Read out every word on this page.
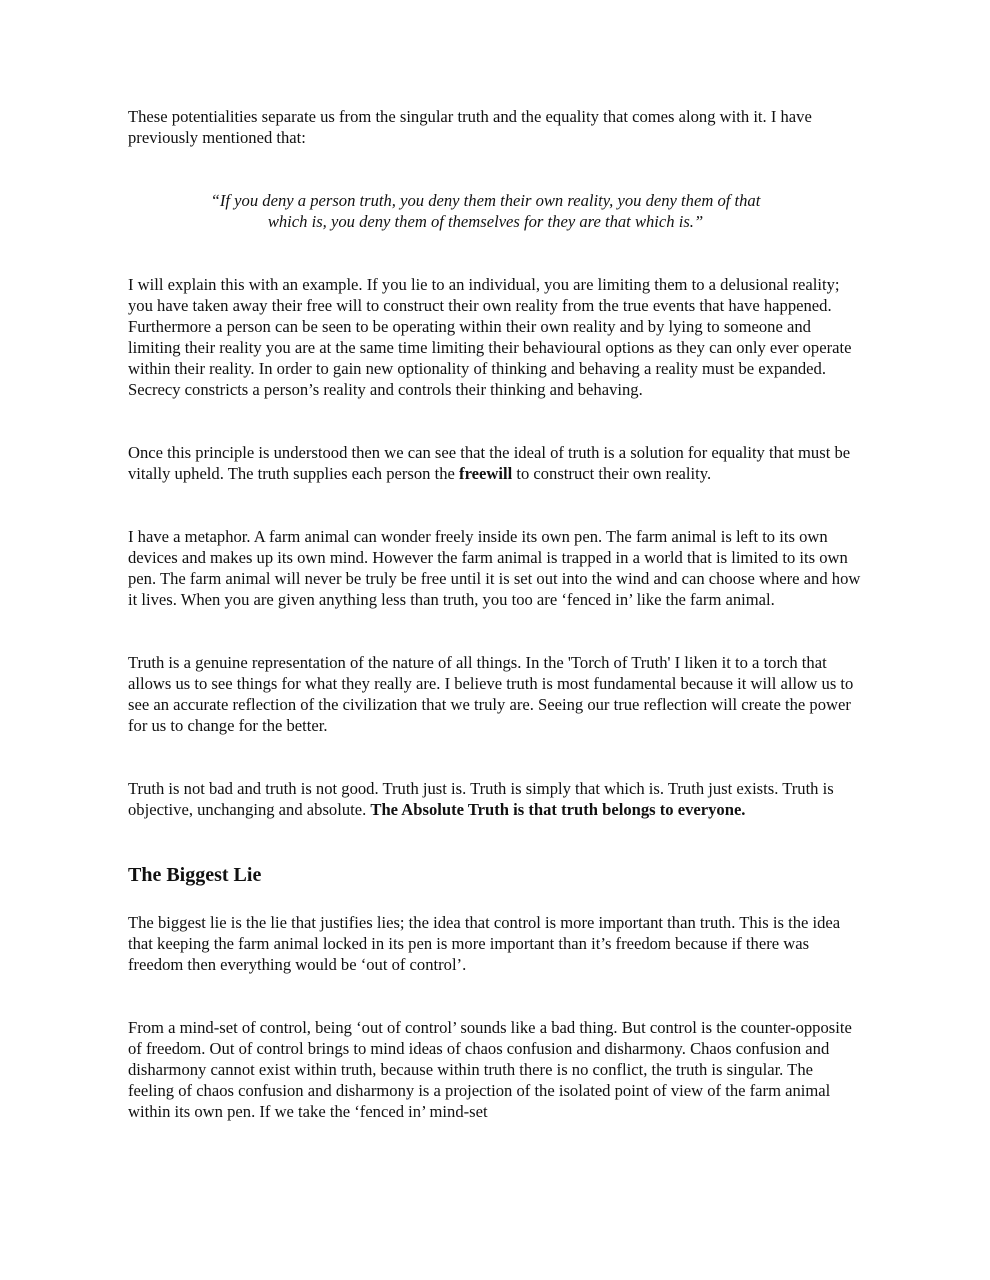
These potentialities separate us from the singular truth and the equality that comes along with it. I have previously mentioned that:

“If you deny a person truth, you deny them their own reality, you deny them of that
which is, you deny them of themselves for they are that which is.”

I will explain this with an example. If you lie to an individual, you are limiting them to a delusional reality; you have taken away their free will to construct their own reality from the true events that have happened. Furthermore a person can be seen to be operating within their own reality and by lying to someone and limiting their reality you are at the same time limiting their behavioural options as they can only ever operate within their reality. In order to gain new optionality of thinking and behaving a reality must be expanded. Secrecy constricts a person’s reality and controls their thinking and behaving.

Once this principle is understood then we can see that the ideal of truth is a solution for equality that must be vitally upheld. The truth supplies each person the freewill to construct their own reality.

I have a metaphor. A farm animal can wonder freely inside its own pen. The farm animal is left to its own devices and makes up its own mind. However the farm animal is trapped in a world that is limited to its own pen. The farm animal will never be truly be free until it is set out into the wind and can choose where and how it lives. When you are given anything less than truth, you too are ‘fenced in’ like the farm animal.

Truth is a genuine representation of the nature of all things. In the 'Torch of Truth' I liken it to a torch that allows us to see things for what they really are. I believe truth is most fundamental because it will allow us to see an accurate reflection of the civilization that we truly are. Seeing our true reflection will create the power for us to change for the better.

Truth is not bad and truth is not good. Truth just is. Truth is simply that which is. Truth just exists. Truth is objective, unchanging and absolute. The Absolute Truth is that truth belongs to everyone.

The Biggest Lie

The biggest lie is the lie that justifies lies; the idea that control is more important than truth. This is the idea that keeping the farm animal locked in its pen is more important than it’s freedom because if there was freedom then everything would be ‘out of control’.

From a mind-set of control, being ‘out of control’ sounds like a bad thing. But control is the counter-opposite of freedom. Out of control brings to mind ideas of chaos confusion and disharmony. Chaos confusion and disharmony cannot exist within truth, because within truth there is no conflict, the truth is singular. The feeling of chaos confusion and disharmony is a projection of the isolated point of view of the farm animal within its own pen. If we take the ‘fenced in’ mind-set
